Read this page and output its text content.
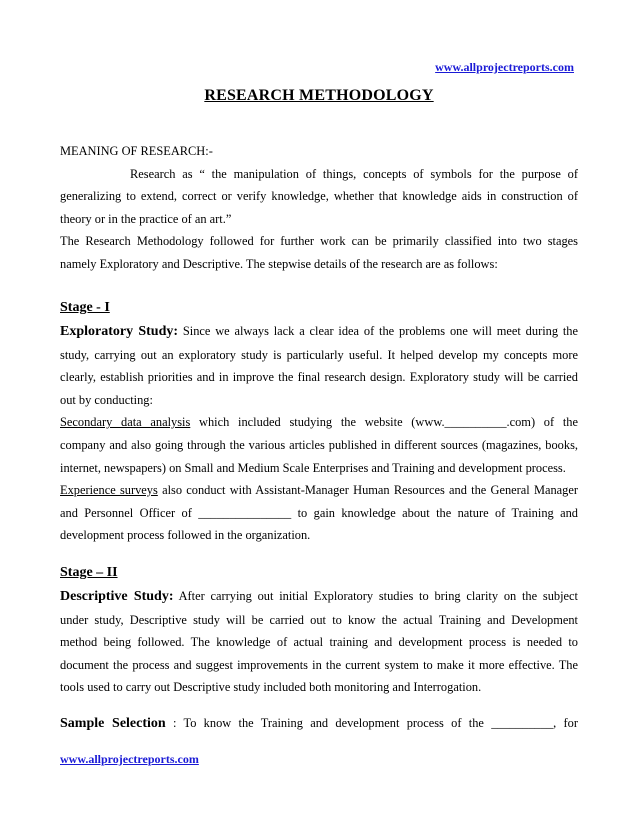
www.allprojectreports.com
RESEARCH METHODOLOGY
MEANING OF RESEARCH:-
Research as “ the manipulation of things, concepts of symbols for the purpose of
generalizing to extend, correct or verify knowledge, whether that knowledge aids in construction of
theory or in the practice of an art.”
The Research Methodology followed for further work can be primarily classified into two stages
namely Exploratory and Descriptive. The stepwise details of the research are as follows:
Stage - I
Exploratory Study: Since we always lack a clear idea of the problems one will meet during the
study, carrying out an exploratory study is particularly useful. It helped develop my concepts more
clearly, establish priorities and in improve the final research design. Exploratory study will be carried
out by conducting:
Secondary data analysis which included studying the website (www.__________.com) of the
company and also going through the various articles published in different sources (magazines, books,
internet, newspapers) on Small and Medium Scale Enterprises and Training and development process.
Experience surveys also conduct with Assistant-Manager Human Resources and the General Manager
and Personnel Officer of _______________ to gain knowledge about the nature of Training and
development process followed in the organization.
Stage – II
Descriptive Study: After carrying out initial Exploratory studies to bring clarity on the subject
under study, Descriptive study will be carried out to know the actual Training and Development
method being followed. The knowledge of actual training and development process is needed to
document the process and suggest improvements in the current system to make it more effective. The
tools used to carry out Descriptive study included both monitoring and Interrogation.
Sample Selection : To know the Training and development process of the __________, for
www.allprojectreports.com
